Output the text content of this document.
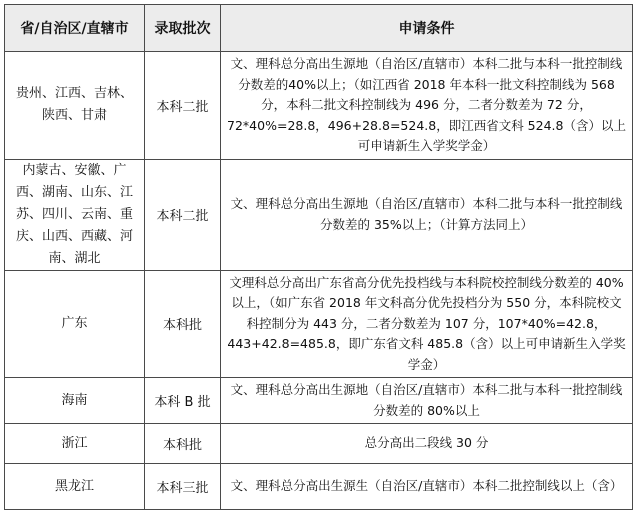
省/自治区/直辖市	录取批次	申请条件
贵州、江西、吉林、陕西、甘肃	本科二批	文、理科总分高出生源地（自治区/直辖市）本科二批与本科一批控制线分数差的40%以上；（如江西省 2018 年本科一批文科控制线为 568 分，本科二批文科控制线为 496 分，二者分数差为 72 分，72*40%=28.8，496+28.8=524.8，即江西省文科 524.8（含）以上可申请新生入学奖学金）
内蒙古、安徽、广西、湖南、山东、江苏、四川、云南、重庆、山西、西藏、河南、湖北	本科二批	文、理科总分高出生源地（自治区/直辖市）本科二批与本科一批控制线分数差的 35%以上；（计算方法同上）
广东	本科批	文理科总分高出广东省高分优先投档线与本科院校控制线分数差的 40%以上，（如广东省 2018 年文科高分优先投档分为 550 分，本科院校文科控制分为 443 分，二者分数差为 107 分，107*40%=42.8，443+42.8=485.8，即广东省文科 485.8（含）以上可申请新生入学奖学金）
海南	本科 B 批	文、理科总分高出生源地（自治区/直辖市）本科二批与本科一批控制线分数差的 80%以上
浙江	本科批	总分高出二段线 30 分
黑龙江	本科三批	文、理科总分高出生源生（自治区/直辖市）本科二批控制线以上（含）
